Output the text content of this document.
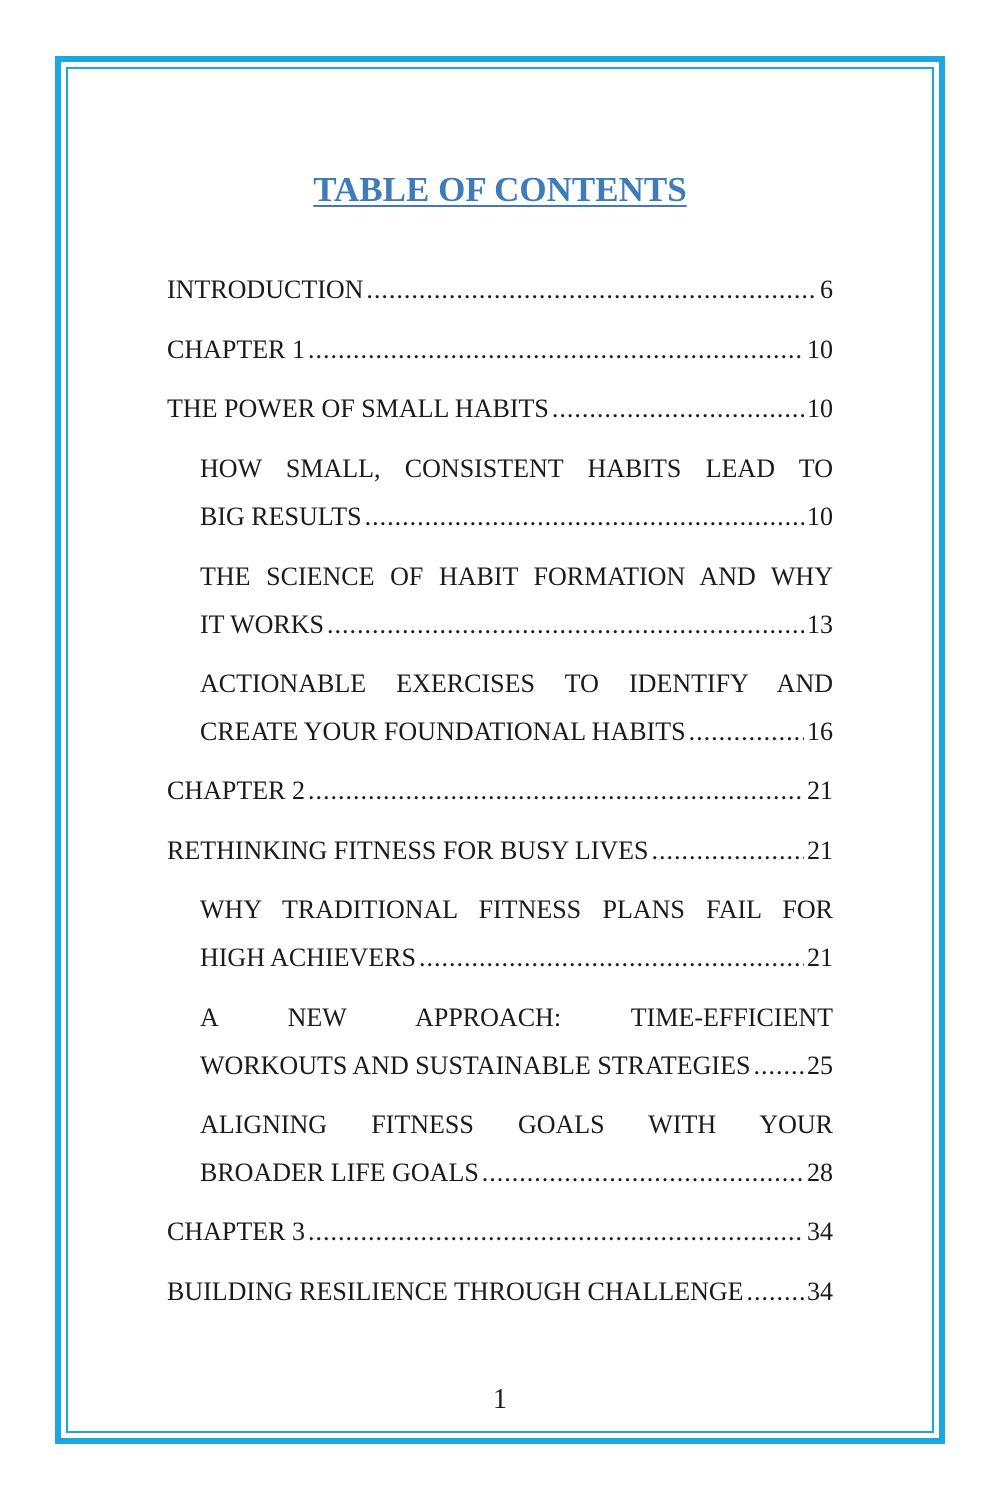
TABLE OF CONTENTS
INTRODUCTION .....	6
CHAPTER 1 .....	10
THE POWER OF SMALL HABITS .....	10
HOW SMALL, CONSISTENT HABITS LEAD TO
BIG RESULTS .....	10
THE SCIENCE OF HABIT FORMATION AND WHY
IT WORKS .....	13
ACTIONABLE EXERCISES TO IDENTIFY AND
CREATE YOUR FOUNDATIONAL HABITS .....	16
CHAPTER 2 .....	21
RETHINKING FITNESS FOR BUSY LIVES .....	21
WHY TRADITIONAL FITNESS PLANS FAIL FOR
HIGH ACHIEVERS .....	21
A NEW APPROACH: TIME-EFFICIENT
WORKOUTS AND SUSTAINABLE STRATEGIES ..... 25
ALIGNING FITNESS GOALS WITH YOUR
BROADER LIFE GOALS .....	28
CHAPTER 3 .....	34
BUILDING RESILIENCE THROUGH CHALLENGE ..... 34
1
